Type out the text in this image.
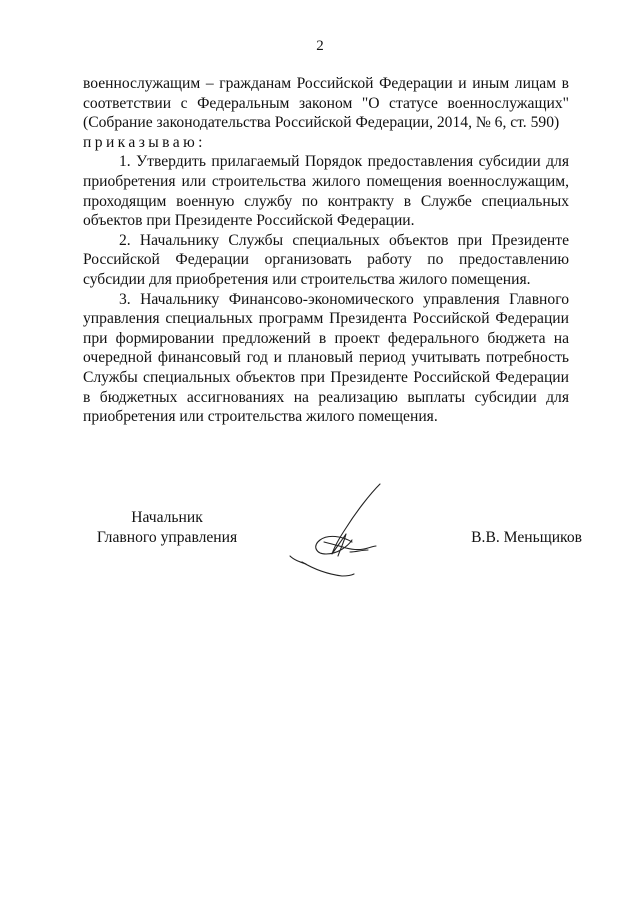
2

военнослужащим – гражданам Российской Федерации и иным лицам в соответствии с Федеральным законом "О статусе военнослужащих" (Собрание законодательства Российской Федерации, 2014, № 6, ст. 590)

приказываю:

1. Утвердить прилагаемый Порядок предоставления субсидии для приобретения или строительства жилого помещения военнослужащим, проходящим военную службу по контракту в Службе специальных объектов при Президенте Российской Федерации.

2. Начальнику Службы специальных объектов при Президенте Российской Федерации организовать работу по предоставлению субсидии для приобретения или строительства жилого помещения.

3. Начальнику Финансово-экономического управления Главного управления специальных программ Президента Российской Федерации при формировании предложений в проект федерального бюджета на очередной финансовый год и плановый период учитывать потребность Службы специальных объектов при Президенте Российской Федерации в бюджетных ассигнованиях на реализацию выплаты субсидии для приобретения или строительства жилого помещения.

Начальник
Главного управления	В.В. Меньщиков
